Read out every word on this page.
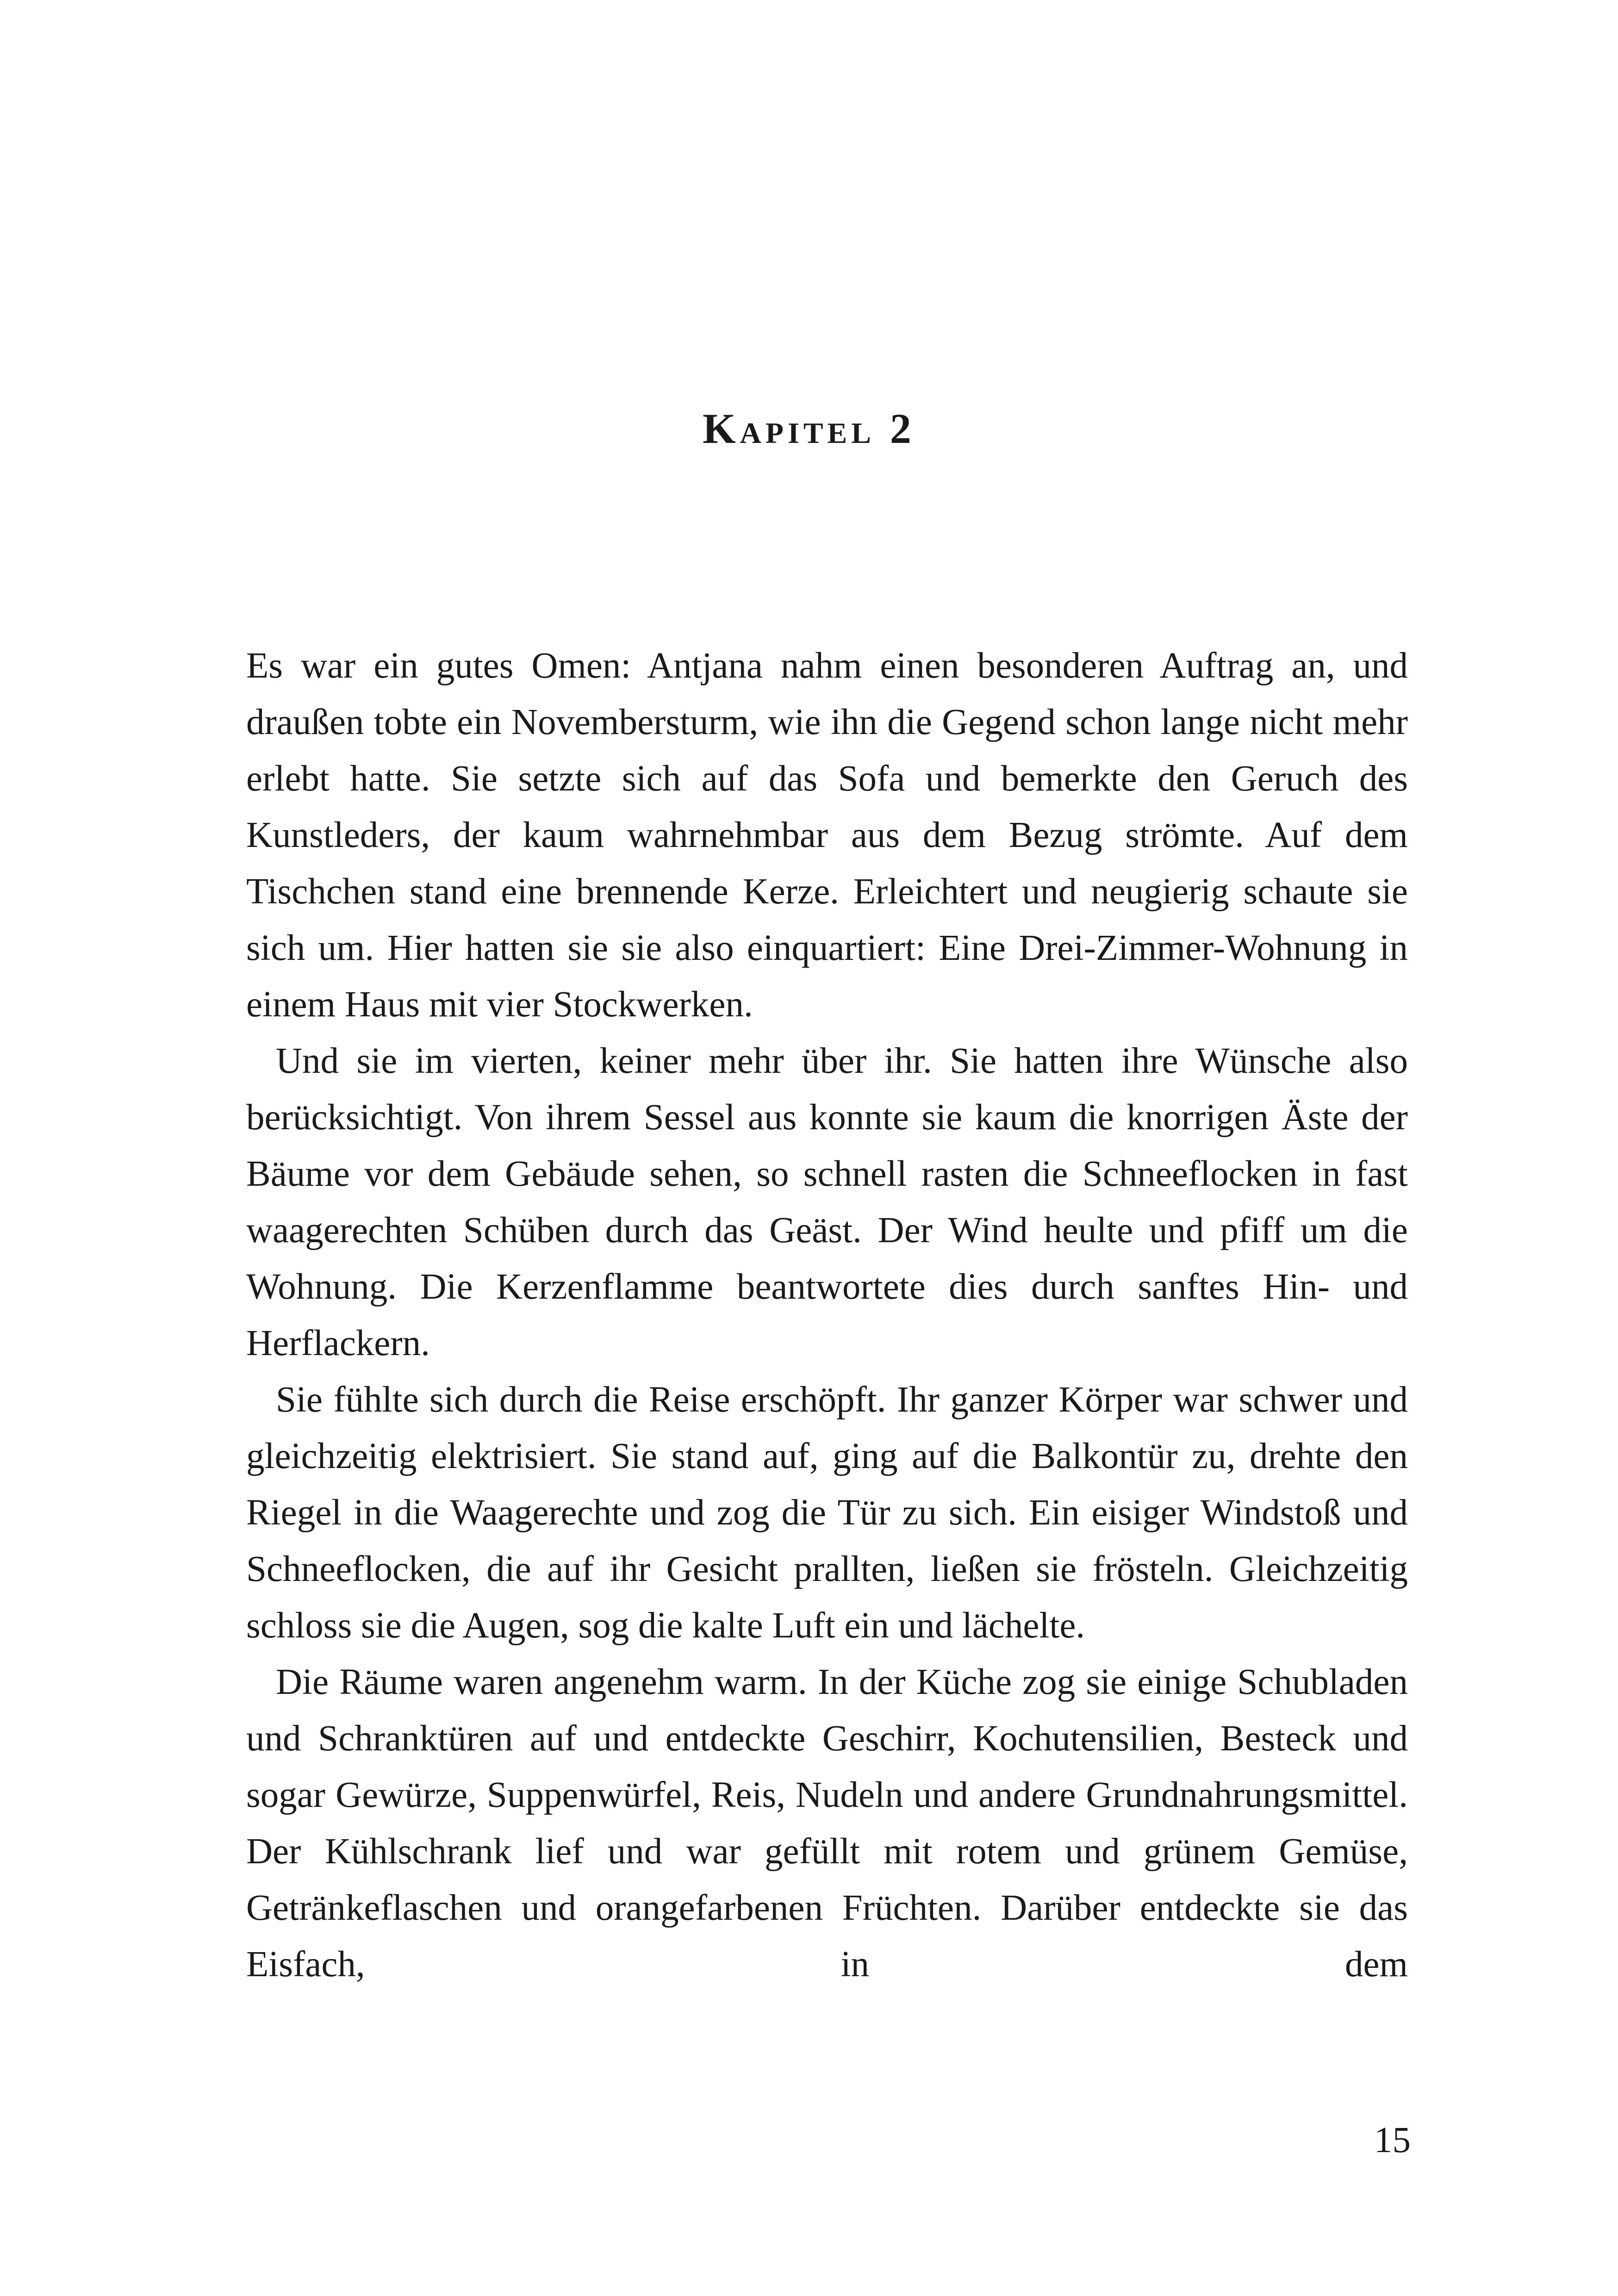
Kapitel 2

Es war ein gutes Omen: Antjana nahm einen besonderen Auftrag an, und draußen tobte ein Novembersturm, wie ihn die Gegend schon lange nicht mehr erlebt hatte. Sie setzte sich auf das Sofa und bemerkte den Geruch des Kunstleders, der kaum wahrnehmbar aus dem Bezug strömte. Auf dem Tischchen stand eine brennende Kerze. Erleichtert und neugierig schaute sie sich um. Hier hatten sie sie also einquartiert: Eine Drei-Zimmer-Wohnung in einem Haus mit vier Stockwerken.

Und sie im vierten, keiner mehr über ihr. Sie hatten ihre Wünsche also berücksichtigt. Von ihrem Sessel aus konnte sie kaum die knorrigen Äste der Bäume vor dem Gebäude sehen, so schnell rasten die Schneeflocken in fast waagerechten Schüben durch das Geäst. Der Wind heulte und pfiff um die Wohnung. Die Kerzenflamme beantwortete dies durch sanftes Hin- und Herflackern.

Sie fühlte sich durch die Reise erschöpft. Ihr ganzer Körper war schwer und gleichzeitig elektrisiert. Sie stand auf, ging auf die Balkontür zu, drehte den Riegel in die Waagerechte und zog die Tür zu sich. Ein eisiger Windstoß und Schneeflocken, die auf ihr Gesicht prallten, ließen sie frösteln. Gleichzeitig schloss sie die Augen, sog die kalte Luft ein und lächelte.

Die Räume waren angenehm warm. In der Küche zog sie einige Schubladen und Schranktüren auf und entdeckte Geschirr, Kochutensilien, Besteck und sogar Gewürze, Suppenwürfel, Reis, Nudeln und andere Grundnahrungsmittel. Der Kühlschrank lief und war gefüllt mit rotem und grünem Gemüse, Getränkeflaschen und orangefarbenen Früchten. Darüber entdeckte sie das Eisfach, in dem

15
